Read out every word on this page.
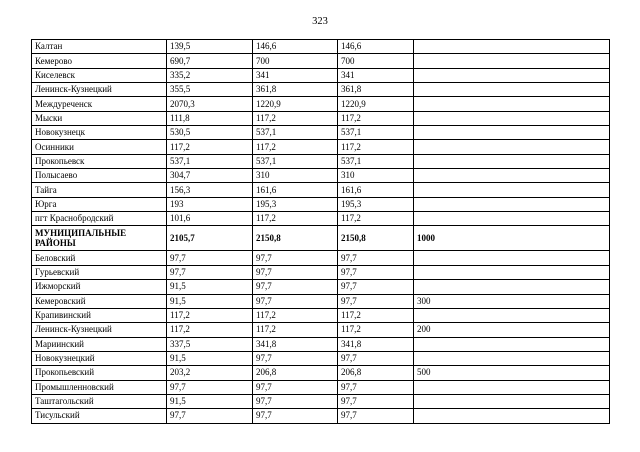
323
Калтан	139,5	146,6	146,6	
Кемерово	690,7	700	700	
Киселевск	335,2	341	341	
Ленинск-Кузнецкий	355,5	361,8	361,8	
Междуреченск	2070,3	1220,9	1220,9	
Мыски	111,8	117,2	117,2	
Новокузнецк	530,5	537,1	537,1	
Осинники	117,2	117,2	117,2	
Прокопьевск	537,1	537,1	537,1	
Полысаево	304,7	310	310	
Тайга	156,3	161,6	161,6	
Юрга	193	195,3	195,3	
пгт Краснобродский	101,6	117,2	117,2	
МУНИЦИПАЛЬНЫЕ РАЙОНЫ	2105,7	2150,8	2150,8	1000
Беловский	97,7	97,7	97,7	
Гурьевский	97,7	97,7	97,7	
Ижморский	91,5	97,7	97,7	
Кемеровский	91,5	97,7	97,7	300
Крапивинский	117,2	117,2	117,2	
Ленинск-Кузнецкий	117,2	117,2	117,2	200
Мариинский	337,5	341,8	341,8	
Новокузнецкий	91,5	97,7	97,7	
Прокопьевский	203,2	206,8	206,8	500
Промышленновский	97,7	97,7	97,7	
Таштагольский	91,5	97,7	97,7	
Тисульский	97,7	97,7	97,7	
